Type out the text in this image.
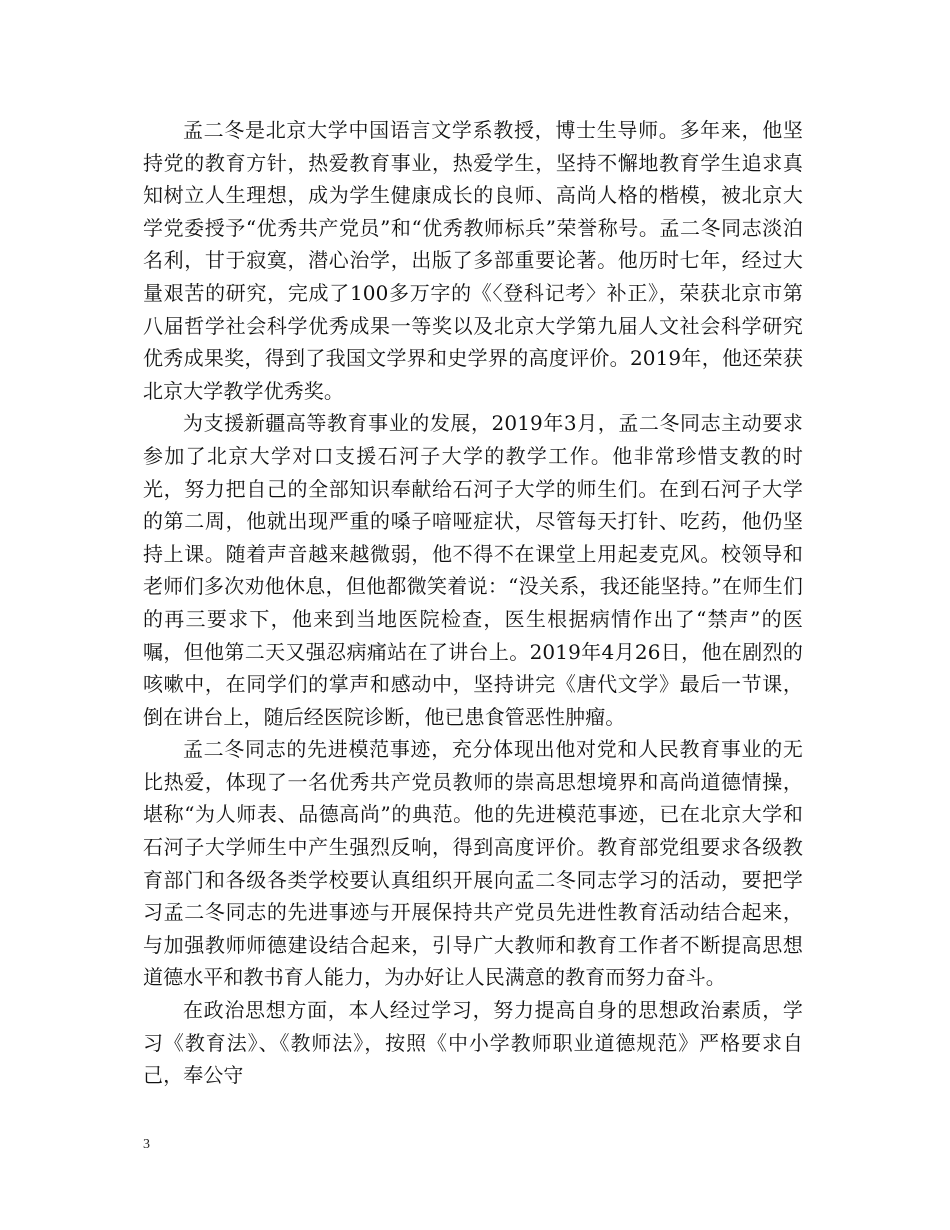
孟二冬是北京大学中国语言文学系教授，博士生导师。多年来，他坚持党的教育方针，热爱教育事业，热爱学生，坚持不懈地教育学生追求真知树立人生理想，成为学生健康成长的良师、高尚人格的楷模，被北京大学党委授予“优秀共产党员”和“优秀教师标兵”荣誉称号。孟二冬同志淡泊名利，甘于寂寞，潜心治学，出版了多部重要论著。他历时七年，经过大量艰苦的研究，完成了100多万字的《〈登科记考〉补正》，荣获北京市第八届哲学社会科学优秀成果一等奖以及北京大学第九届人文社会科学研究优秀成果奖，得到了我国文学界和史学界的高度评价。2019年，他还荣获北京大学教学优秀奖。

为支援新疆高等教育事业的发展，2019年3月，孟二冬同志主动要求参加了北京大学对口支援石河子大学的教学工作。他非常珍惜支教的时光，努力把自己的全部知识奉献给石河子大学的师生们。在到石河子大学的第二周，他就出现严重的嗓子喑哑症状，尽管每天打针、吃药，他仍坚持上课。随着声音越来越微弱，他不得不在课堂上用起麦克风。校领导和老师们多次劝他休息，但他都微笑着说：“没关系，我还能坚持。”在师生们的再三要求下，他来到当地医院检查，医生根据病情作出了“禁声”的医嘱，但他第二天又强忍病痛站在了讲台上。2019年4月26日，他在剧烈的咳嗽中，在同学们的掌声和感动中，坚持讲完《唐代文学》最后一节课，倒在讲台上，随后经医院诊断，他已患食管恶性肿瘤。

孟二冬同志的先进模范事迹，充分体现出他对党和人民教育事业的无比热爱，体现了一名优秀共产党员教师的崇高思想境界和高尚道德情操，堪称“为人师表、品德高尚”的典范。他的先进模范事迹，已在北京大学和石河子大学师生中产生强烈反响，得到高度评价。教育部党组要求各级教育部门和各级各类学校要认真组织开展向孟二冬同志学习的活动，要把学习孟二冬同志的先进事迹与开展保持共产党员先进性教育活动结合起来，与加强教师师德建设结合起来，引导广大教师和教育工作者不断提高思想道德水平和教书育人能力，为办好让人民满意的教育而努力奋斗。

在政治思想方面，本人经过学习，努力提高自身的思想政治素质，学习《教育法》、《教师法》，按照《中小学教师职业道德规范》严格要求自己，奉公守

3
